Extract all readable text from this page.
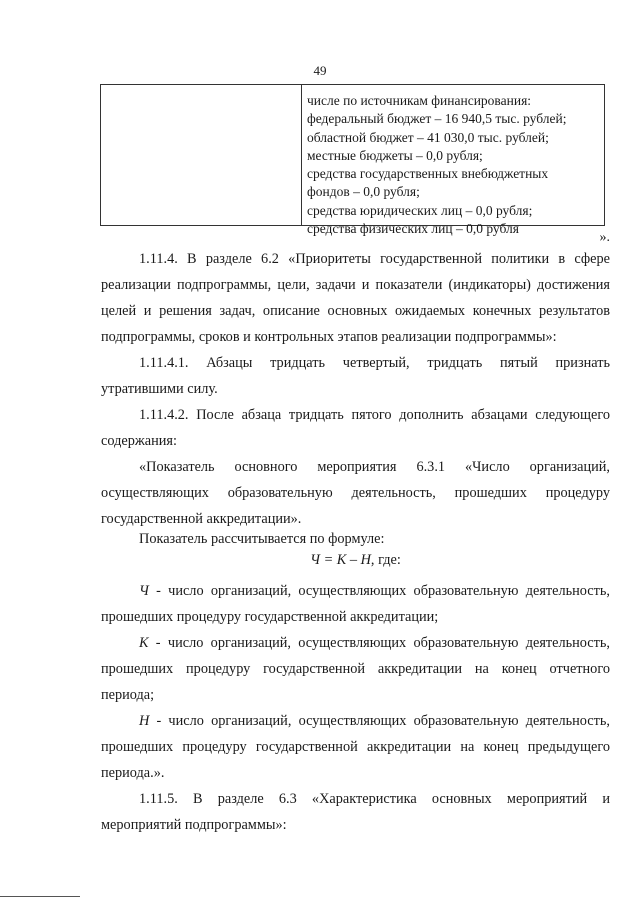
49
числе по источникам финансирования:
федеральный бюджет – 16 940,5 тыс. рублей;
областной бюджет – 41 030,0 тыс. рублей;
местные бюджеты – 0,0 рубля;
средства государственных внебюджетных
фондов – 0,0 рубля;
средства юридических лиц – 0,0 рубля;
средства физических лиц – 0,0 рубля
».
1.11.4. В разделе 6.2 «Приоритеты государственной политики в сфере
реализации подпрограммы, цели, задачи и показатели (индикаторы) достижения
целей и решения задач, описание основных ожидаемых конечных результатов
подпрограммы, сроков и контрольных этапов реализации подпрограммы»:
1.11.4.1. Абзацы тридцать четвертый, тридцать пятый признать
утратившими силу.
1.11.4.2. После абзаца тридцать пятого дополнить абзацами следующего
содержания:
«Показатель основного мероприятия 6.3.1 «Число организаций,
осуществляющих образовательную деятельность, прошедших процедуру
государственной аккредитации».
Показатель рассчитывается по формуле:
Ч = К – Н, где:
Ч - число организаций, осуществляющих образовательную деятельность,
прошедших процедуру государственной аккредитации;
К - число организаций, осуществляющих образовательную деятельность,
прошедших процедуру государственной аккредитации на конец отчетного
периода;
Н - число организаций, осуществляющих образовательную деятельность,
прошедших процедуру государственной аккредитации на конец предыдущего
периода.».
1.11.5. В разделе 6.3 «Характеристика основных мероприятий и
мероприятий подпрограммы»:
